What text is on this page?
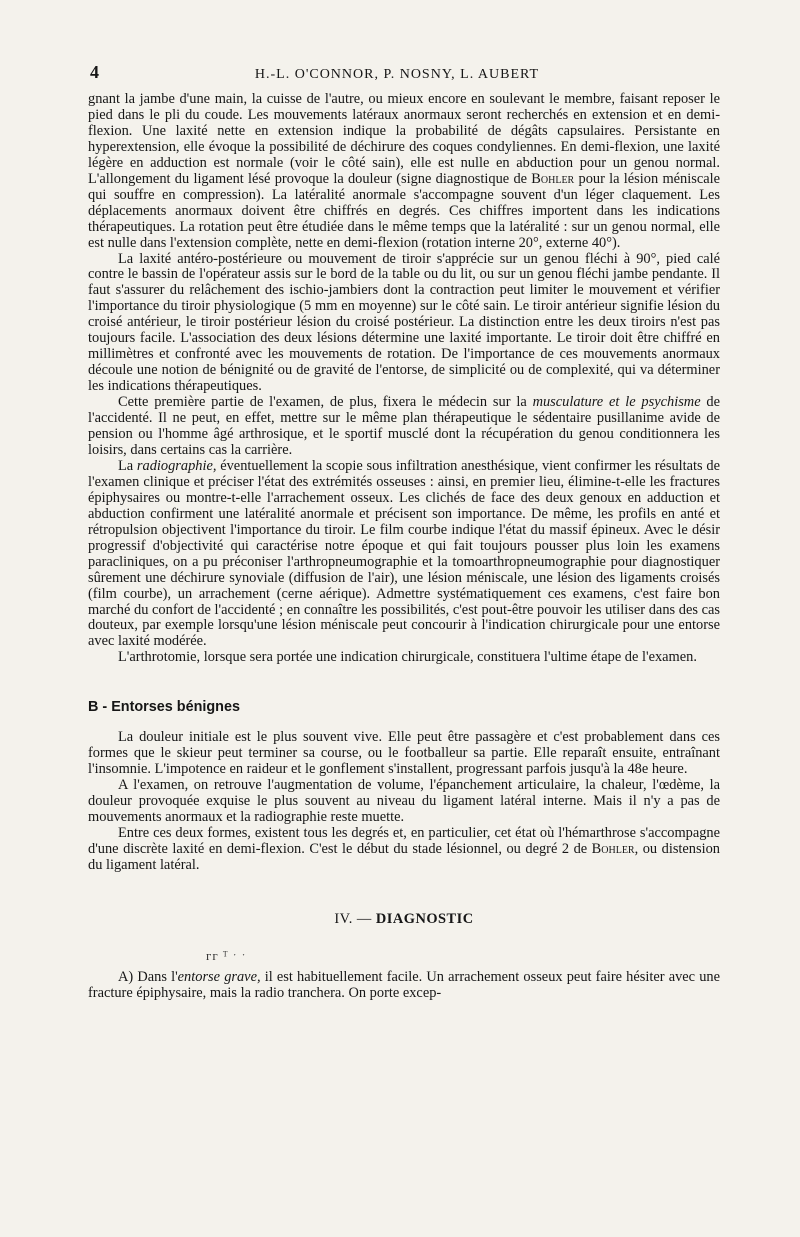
4	H.-L. O'CONNOR, P. NOSNY, L. AUBERT

gnant la jambe d'une main, la cuisse de l'autre, ou mieux encore en soulevant le membre, faisant reposer le pied dans le pli du coude. Les mouvements latéraux anormaux seront recherchés en extension et en demi-flexion. Une laxité nette en extension indique la probabilité de dégâts capsulaires. Persistante en hyperextension, elle évoque la possibilité de déchirure des coques condyliennes. En demi-flexion, une laxité légère en adduction est normale (voir le côté sain), elle est nulle en abduction pour un genou normal. L'allongement du ligament lésé provoque la douleur (signe diagnostique de Bohler pour la lésion méniscale qui souffre en compression). La latéralité anormale s'accompagne souvent d'un léger claquement. Les déplacements anormaux doivent être chiffrés en degrés. Ces chiffres importent dans les indications thérapeutiques. La rotation peut être étudiée dans le même temps que la latéralité : sur un genou normal, elle est nulle dans l'extension complète, nette en demi-flexion (rotation interne 20°, externe 40°).

La laxité antéro-postérieure ou mouvement de tiroir s'apprécie sur un genou fléchi à 90°, pied calé contre le bassin de l'opérateur assis sur le bord de la table ou du lit, ou sur un genou fléchi jambe pendante. Il faut s'assurer du relâchement des ischio-jambiers dont la contraction peut limiter le mouvement et vérifier l'importance du tiroir physiologique (5 mm en moyenne) sur le côté sain. Le tiroir antérieur signifie lésion du croisé antérieur, le tiroir postérieur lésion du croisé postérieur. La distinction entre les deux tiroirs n'est pas toujours facile. L'association des deux lésions détermine une laxité importante. Le tiroir doit être chiffré en millimètres et confronté avec les mouvements de rotation. De l'importance de ces mouvements anormaux découle une notion de bénignité ou de gravité de l'entorse, de simplicité ou de complexité, qui va déterminer les indications thérapeutiques.

Cette première partie de l'examen, de plus, fixera le médecin sur la musculature et le psychisme de l'accidenté. Il ne peut, en effet, mettre sur le même plan thérapeutique le sédentaire pusillanime avide de pension ou l'homme âgé arthrosique, et le sportif musclé dont la récupération du genou conditionnera les loisirs, dans certains cas la carrière.

La radiographie, éventuellement la scopie sous infiltration anesthésique, vient confirmer les résultats de l'examen clinique et préciser l'état des extrémités osseuses : ainsi, en premier lieu, élimine-t-elle les fractures épiphysaires ou montre-t-elle l'arrachement osseux. Les clichés de face des deux genoux en adduction et abduction confirment une latéralité anormale et précisent son importance. De même, les profils en anté et rétropulsion objectivent l'importance du tiroir. Le film courbe indique l'état du massif épineux. Avec le désir progressif d'objectivité qui caractérise notre époque et qui fait toujours pousser plus loin les examens paracliniques, on a pu préconiser l'arthropneumographie et la tomoarthropneumographie pour diagnostiquer sûrement une déchirure synoviale (diffusion de l'air), une lésion méniscale, une lésion des ligaments croisés (film courbe), un arrachement (cerne aérique). Admettre systématiquement ces examens, c'est faire bon marché du confort de l'accidenté ; en connaître les possibilités, c'est pout-être pouvoir les utiliser dans des cas douteux, par exemple lorsqu'une lésion méniscale peut concourir à l'indication chirurgicale pour une entorse avec laxité modérée.

L'arthrotomie, lorsque sera portée une indication chirurgicale, constituera l'ultime étape de l'examen.

B - Entorses bénignes

La douleur initiale est le plus souvent vive. Elle peut être passagère et c'est probablement dans ces formes que le skieur peut terminer sa course, ou le footballeur sa partie. Elle reparaît ensuite, entraînant l'insomnie. L'impotence en raideur et le gonflement s'installent, progressant parfois jusqu'à la 48e heure.

A l'examen, on retrouve l'augmentation de volume, l'épanchement articulaire, la chaleur, l'œdème, la douleur provoquée exquise le plus souvent au niveau du ligament latéral interne. Mais il n'y a pas de mouvements anormaux et la radiographie reste muette.

Entre ces deux formes, existent tous les degrés et, en particulier, cet état où l'hémarthrose s'accompagne d'une discrète laxité en demi-flexion. C'est le début du stade lésionnel, ou degré 2 de Bohler, ou distension du ligament latéral.

IV. — DIAGNOSTIC
ᴦᴦ ᵀ ˑ ˑ

A) Dans l'entorse grave, il est habituellement facile. Un arrachement osseux peut faire hésiter avec une fracture épiphysaire, mais la radio tranchera. On porte excep-
